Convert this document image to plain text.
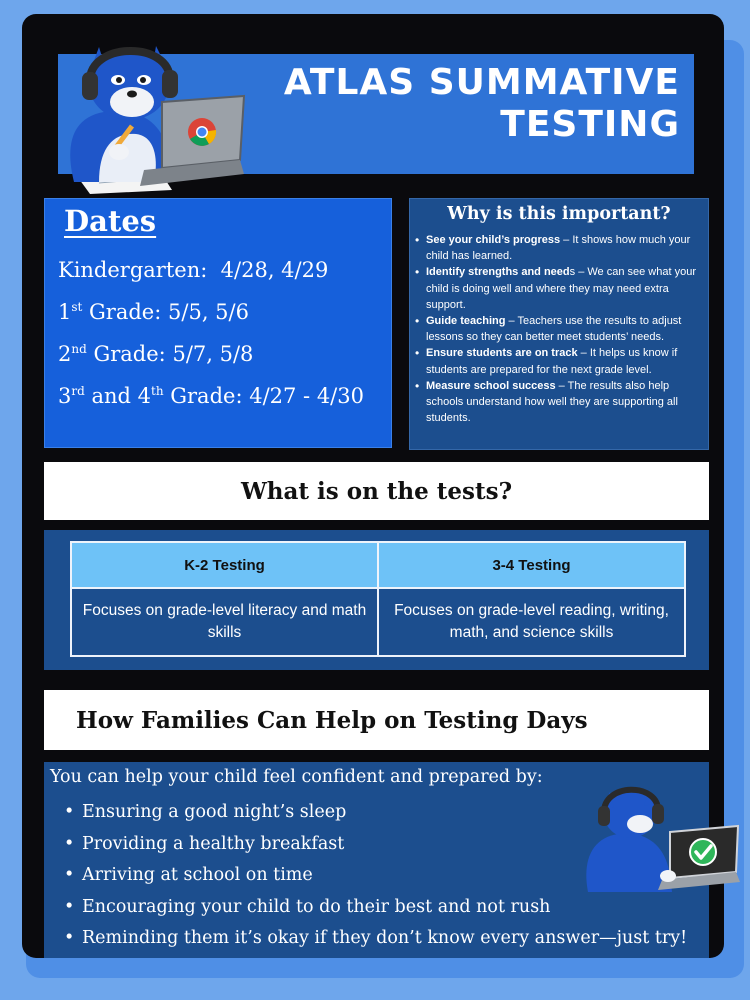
ATLAS SUMMATIVE
TESTING
Dates
Kindergarten: 4/28, 4/29
1st Grade: 5/5, 5/6
2nd Grade: 5/7, 5/8
3rd and 4th Grade: 4/27 - 4/30
Why is this important?
• See your child’s progress – It shows how much your child has learned.
• Identify strengths and needs – We can see what your child is doing well and where they may need extra support.
• Guide teaching – Teachers use the results to adjust lessons so they can better meet students’ needs.
• Ensure students are on track – It helps us know if students are prepared for the next grade level.
• Measure school success – The results also help schools understand how well they are supporting all students.
What is on the tests?
K-2 Testing	3-4 Testing
Focuses on grade-level literacy and math skills	Focuses on grade-level reading, writing, math, and science skills
How Families Can Help on Testing Days
You can help your child feel confident and prepared by:
• Ensuring a good night’s sleep
• Providing a healthy breakfast
• Arriving at school on time
• Encouraging your child to do their best and not rush
• Reminding them it’s okay if they don’t know every answer—just try!
